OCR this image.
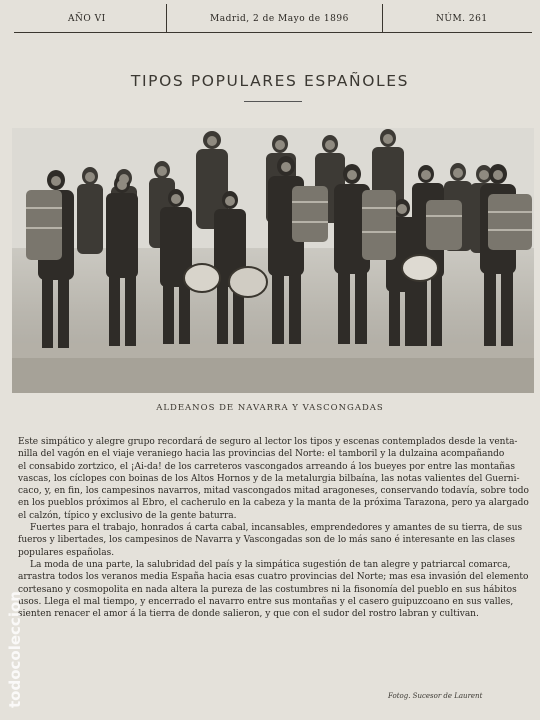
AÑO VI	Madrid, 2 de Mayo de 1896	NÚM. 261
TIPOS POPULARES ESPAÑOLES
ALDEANOS DE NAVARRA Y VASCONGADAS
Este simpático y alegre grupo recordará de seguro al lector los tipos y escenas contemplados desde la venta-
nilla del vagón en el viaje veraniego hacia las provincias del Norte: el tamboril y la dulzaina acompañando
el consabido zortzico, el ¡Ai-da! de los carreteros vascongados arreando á los bueyes por entre las montañas
vascas, los cíclopes con boinas de los Altos Hornos y de la metalurgia bilbaína, las notas valientes del Guerni-
caco, y, en fin, los campesinos navarros, mitad vascongados mitad aragoneses, conservando todavía, sobre todo
en los pueblos próximos al Ebro, el cacherulo en la cabeza y la manta de la próxima Tarazona, pero ya alargado
el calzón, típico y exclusivo de la gente baturra.
Fuertes para el trabajo, honrados á carta cabal, incansables, emprendedores y amantes de su tierra, de sus
fueros y libertades, los campesinos de Navarra y Vascongadas son de lo más sano é interesante en las clases
populares españolas.
La moda de una parte, la salubridad del país y la simpática sugestión de tan alegre y patriarcal comarca,
arrastra todos los veranos media España hacia esas cuatro provincias del Norte; mas esa invasión del elemento
cortesano y cosmopolita en nada altera la pureza de las costumbres ni la fisonomía del pueblo en sus hábitos
usos. Llega el mal tiempo, y encerrado el navarro entre sus montañas y el casero guipuzcoano en sus valles,
sienten renacer el amor á la tierra de donde salieron, y que con el sudor del rostro labran y cultivan.
Fotog. Sucesor de Laurent
todocoleccion
